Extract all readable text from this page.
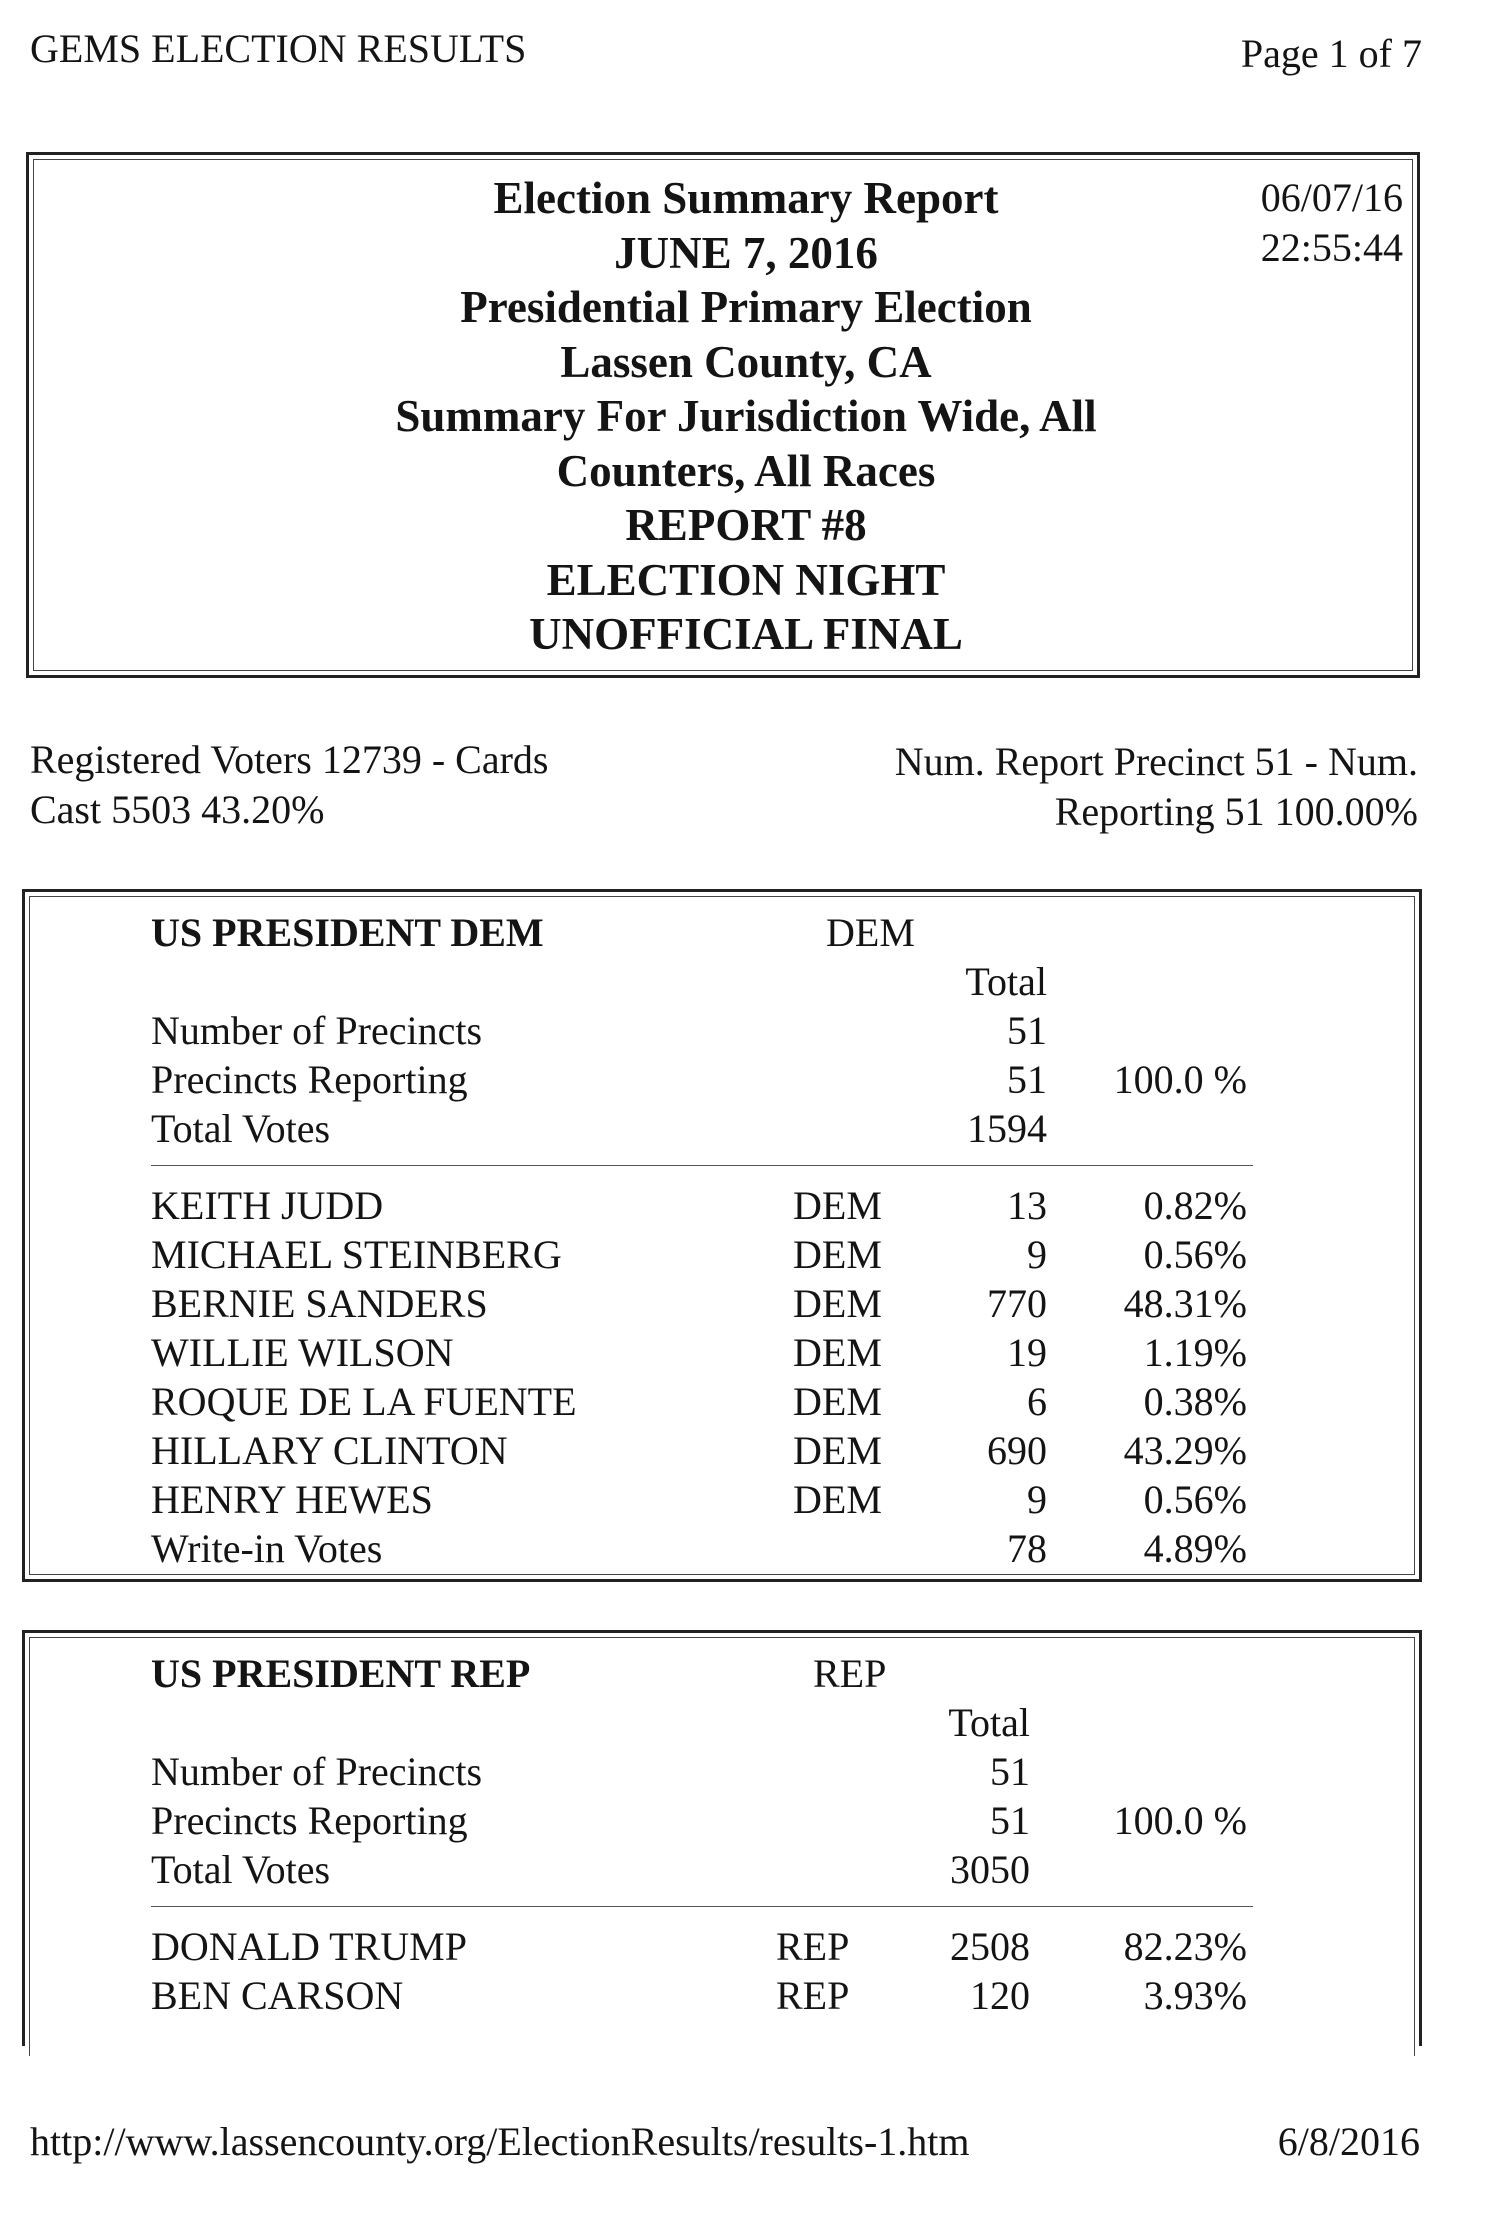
GEMS ELECTION RESULTS	Page 1 of 7
Election Summary Report
JUNE 7, 2016
Presidential Primary Election
Lassen County, CA
Summary For Jurisdiction Wide, All
Counters, All Races
REPORT #8
ELECTION NIGHT
UNOFFICIAL FINAL
06/07/16
22:55:44
Registered Voters 12739 - Cards
Cast 5503 43.20%
Num. Report Precinct 51 - Num.
Reporting 51 100.00%
US PRESIDENT DEM	DEM
Total
Number of Precincts	51
Precincts Reporting	51 100.0 %
Total Votes	1594
KEITH JUDD	DEM	13 0.82%
MICHAEL STEINBERG	DEM	9 0.56%
BERNIE SANDERS	DEM	770 48.31%
WILLIE WILSON	DEM	19 1.19%
ROQUE DE LA FUENTE	DEM	6 0.38%
HILLARY CLINTON	DEM	690 43.29%
HENRY HEWES	DEM	9 0.56%
Write-in Votes	78 4.89%
US PRESIDENT REP	REP
Total
Number of Precincts	51
Precincts Reporting	51 100.0 %
Total Votes	3050
DONALD TRUMP	REP	2508 82.23%
BEN CARSON	REP	120	3.93%
http://www.lassencounty.org/ElectionResults/results-1.htm	6/8/2016
